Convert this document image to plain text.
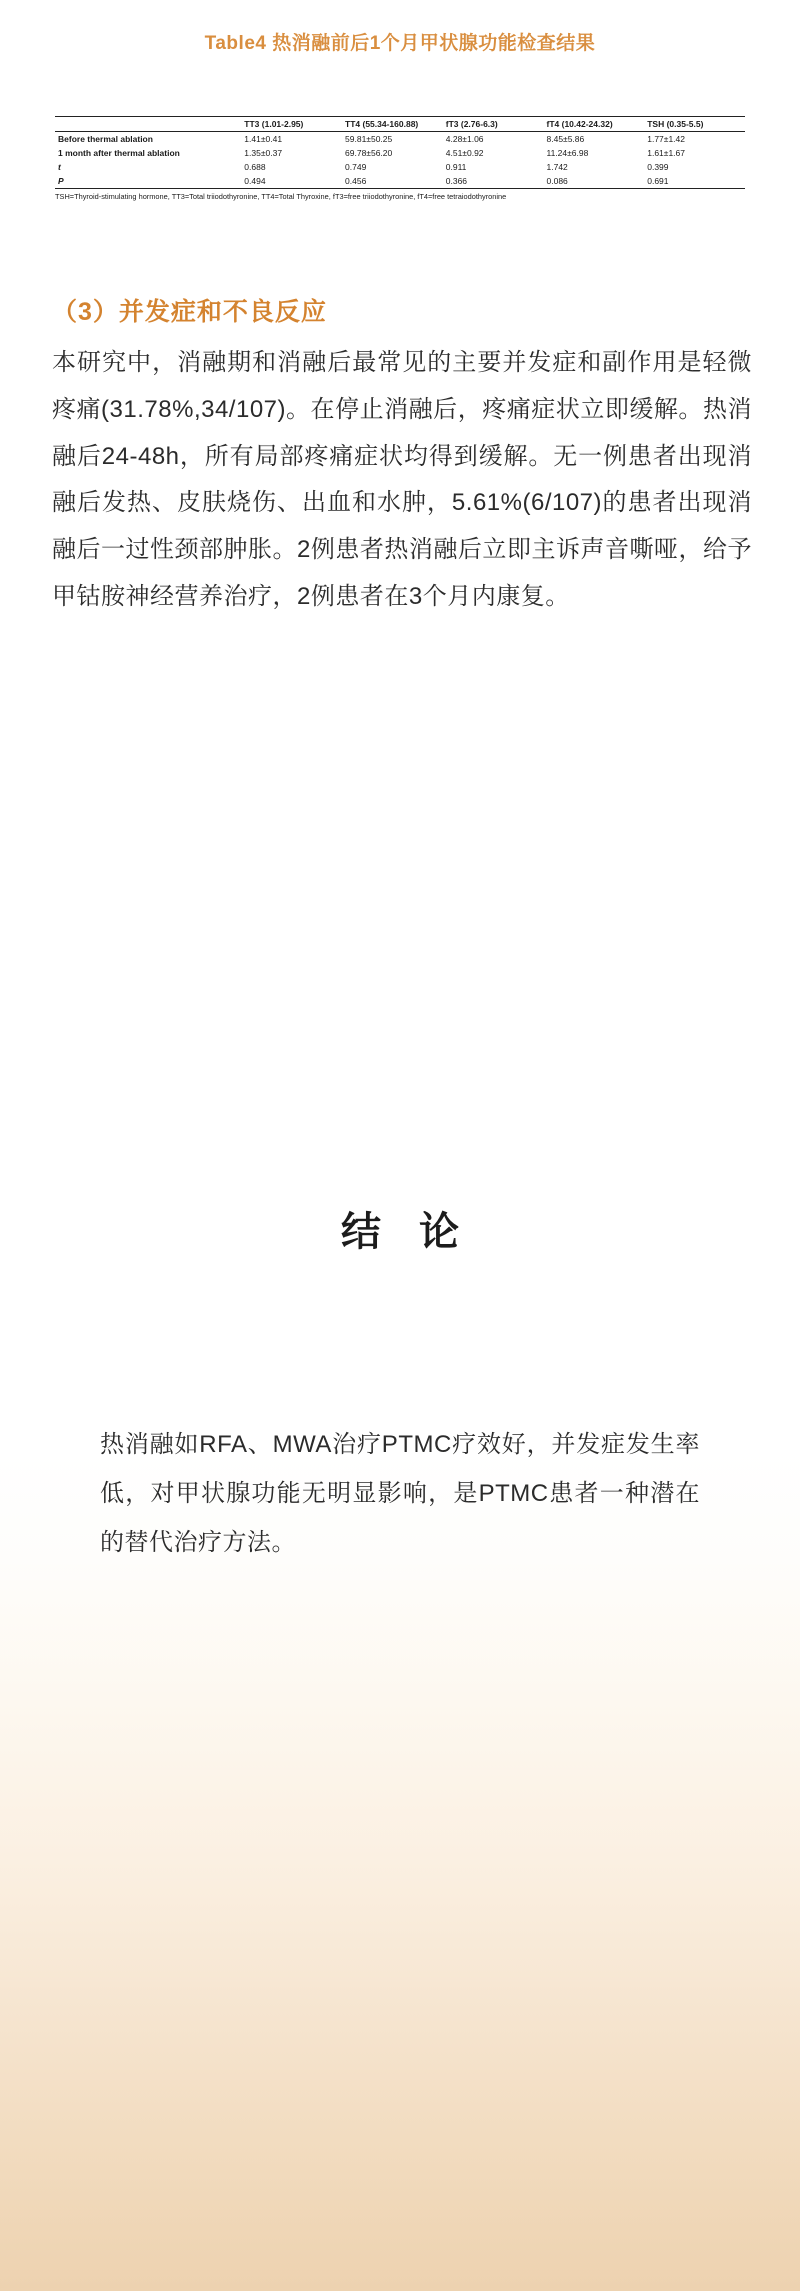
Table4 热消融前后1个月甲状腺功能检查结果
	TT3 (1.01-2.95)	TT4 (55.34-160.88)	fT3 (2.76-6.3)	fT4 (10.42-24.32)	TSH (0.35-5.5)
Before thermal ablation	1.41±0.41	59.81±50.25	4.28±1.06	8.45±5.86	1.77±1.42
1 month after thermal ablation	1.35±0.37	69.78±56.20	4.51±0.92	11.24±6.98	1.61±1.67
t	0.688	0.749	0.911	1.742	0.399
P	0.494	0.456	0.366	0.086	0.691
TSH=Thyroid-stimulating hormone, TT3=Total triiodothyronine, TT4=Total Thyroxine, fT3=free triiodothyronine, fT4=free tetraiodothyronine
（3）并发症和不良反应
本研究中，消融期和消融后最常见的主要并发症和副作用是轻微疼痛(31.78%,34/107)。在停止消融后，疼痛症状立即缓解。热消融后24-48h，所有局部疼痛症状均得到缓解。无一例患者出现消融后发热、皮肤烧伤、出血和水肿，5.61%(6/107)的患者出现消融后一过性颈部肿胀。2例患者热消融后立即主诉声音嘶哑，给予甲钴胺神经营养治疗，2例患者在3个月内康复。
结 论
热消融如RFA、MWA治疗PTMC疗效好，并发症发生率低，对甲状腺功能无明显影响，是PTMC患者一种潜在的替代治疗方法。
